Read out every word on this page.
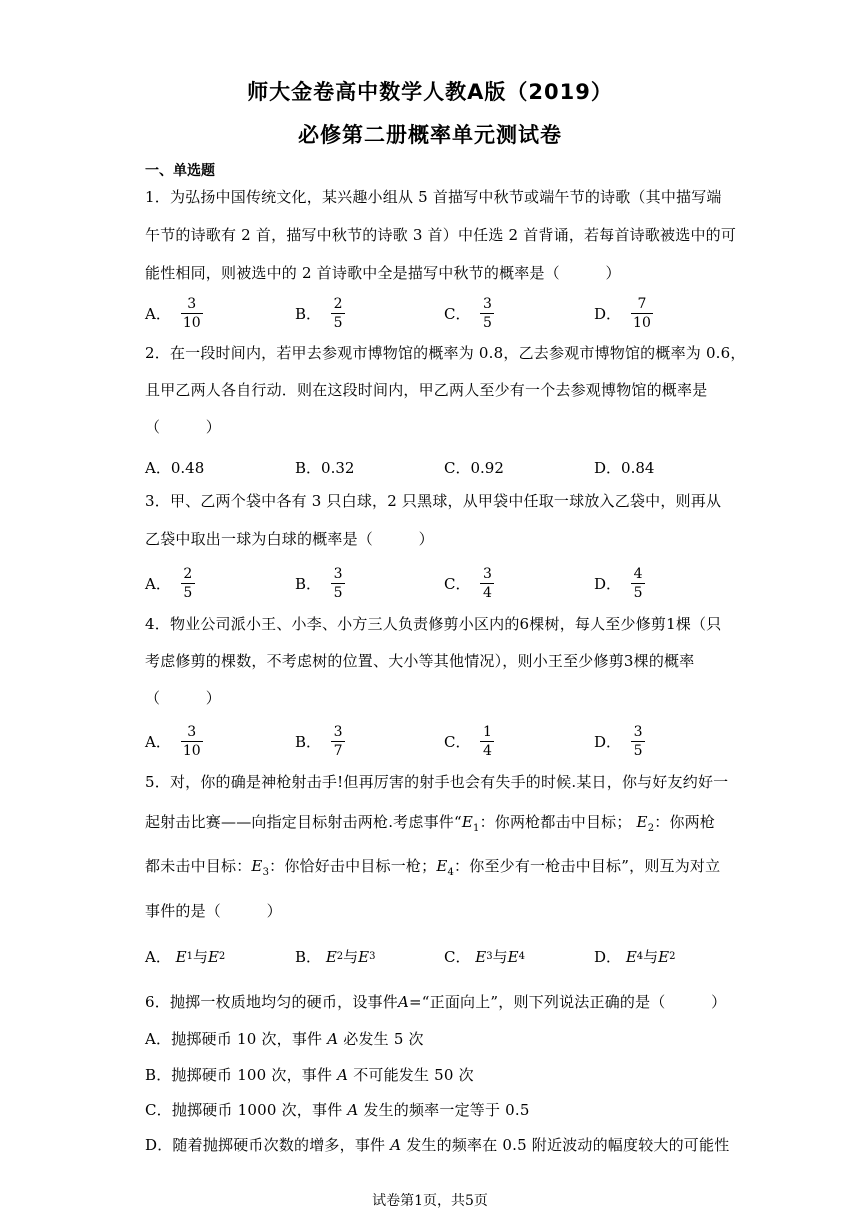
师大金卷高中数学人教A版（2019）
必修第二册概率单元测试卷
一、单选题
1．为弘扬中国传统文化，某兴趣小组从 5 首描写中秋节或端午节的诗歌（其中描写端
午节的诗歌有 2 首，描写中秋节的诗歌 3 首）中任选 2 首背诵，若每首诗歌被选中的可
能性相同，则被选中的 2 首诗歌中全是描写中秋节的概率是（　　　）
A． $\frac{3}{10}$	B． $\frac{2}{5}$	C． $\frac{3}{5}$	D． $\frac{7}{10}$
2．在一段时间内，若甲去参观市博物馆的概率为 0.8，乙去参观市博物馆的概率为 0.6，
且甲乙两人各自行动．则在这段时间内，甲乙两人至少有一个去参观博物馆的概率是
（　　　）
A． 0.48	B． 0.32	C． 0.92	D． 0.84
3．甲、乙两个袋中各有 3 只白球，2 只黑球，从甲袋中任取一球放入乙袋中，则再从
乙袋中取出一球为白球的概率是（　　　）
A． $\frac{2}{5}$	B． $\frac{3}{5}$	C． $\frac{3}{4}$	D． $\frac{4}{5}$
4．物业公司派小王、小李、小方三人负责修剪小区内的6棵树，每人至少修剪1棵（只
考虑修剪的棵数，不考虑树的位置、大小等其他情况），则小王至少修剪3棵的概率
（　　　）
A． $\frac{3}{10}$	B． $\frac{3}{7}$	C． $\frac{1}{4}$	D． $\frac{3}{5}$
5．对，你的确是神枪射击手!但再厉害的射手也会有失手的时候.某日，你与好友约好一
起射击比赛——向指定目标射击两枪.考虑事件“$E_1$：你两枪都击中目标； $E_2$：你两枪
都未击中目标：$E_3$：你恰好击中目标一枪；$E_4$：你至少有一枪击中目标”，则互为对立
事件的是（　　　）
A．
E 1 与 E 2	B．
E 2 与 E 3	C．
E 3 与 E 4	D．
E 4 与 E 2
6．抛掷一枚质地均匀的硬币，设事件A=“正面向上”，则下列说法正确的是（　　　）
A．抛掷硬币 10 次，事件 A 必发生 5 次
B．抛掷硬币 100 次，事件 A 不可能发生 50 次
C．抛掷硬币 1000 次，事件 A 发生的频率一定等于 0.5
D．随着抛掷硬币次数的增多，事件 A 发生的频率在 0.5 附近波动的幅度较大的可能性
试卷第1页，共5页
